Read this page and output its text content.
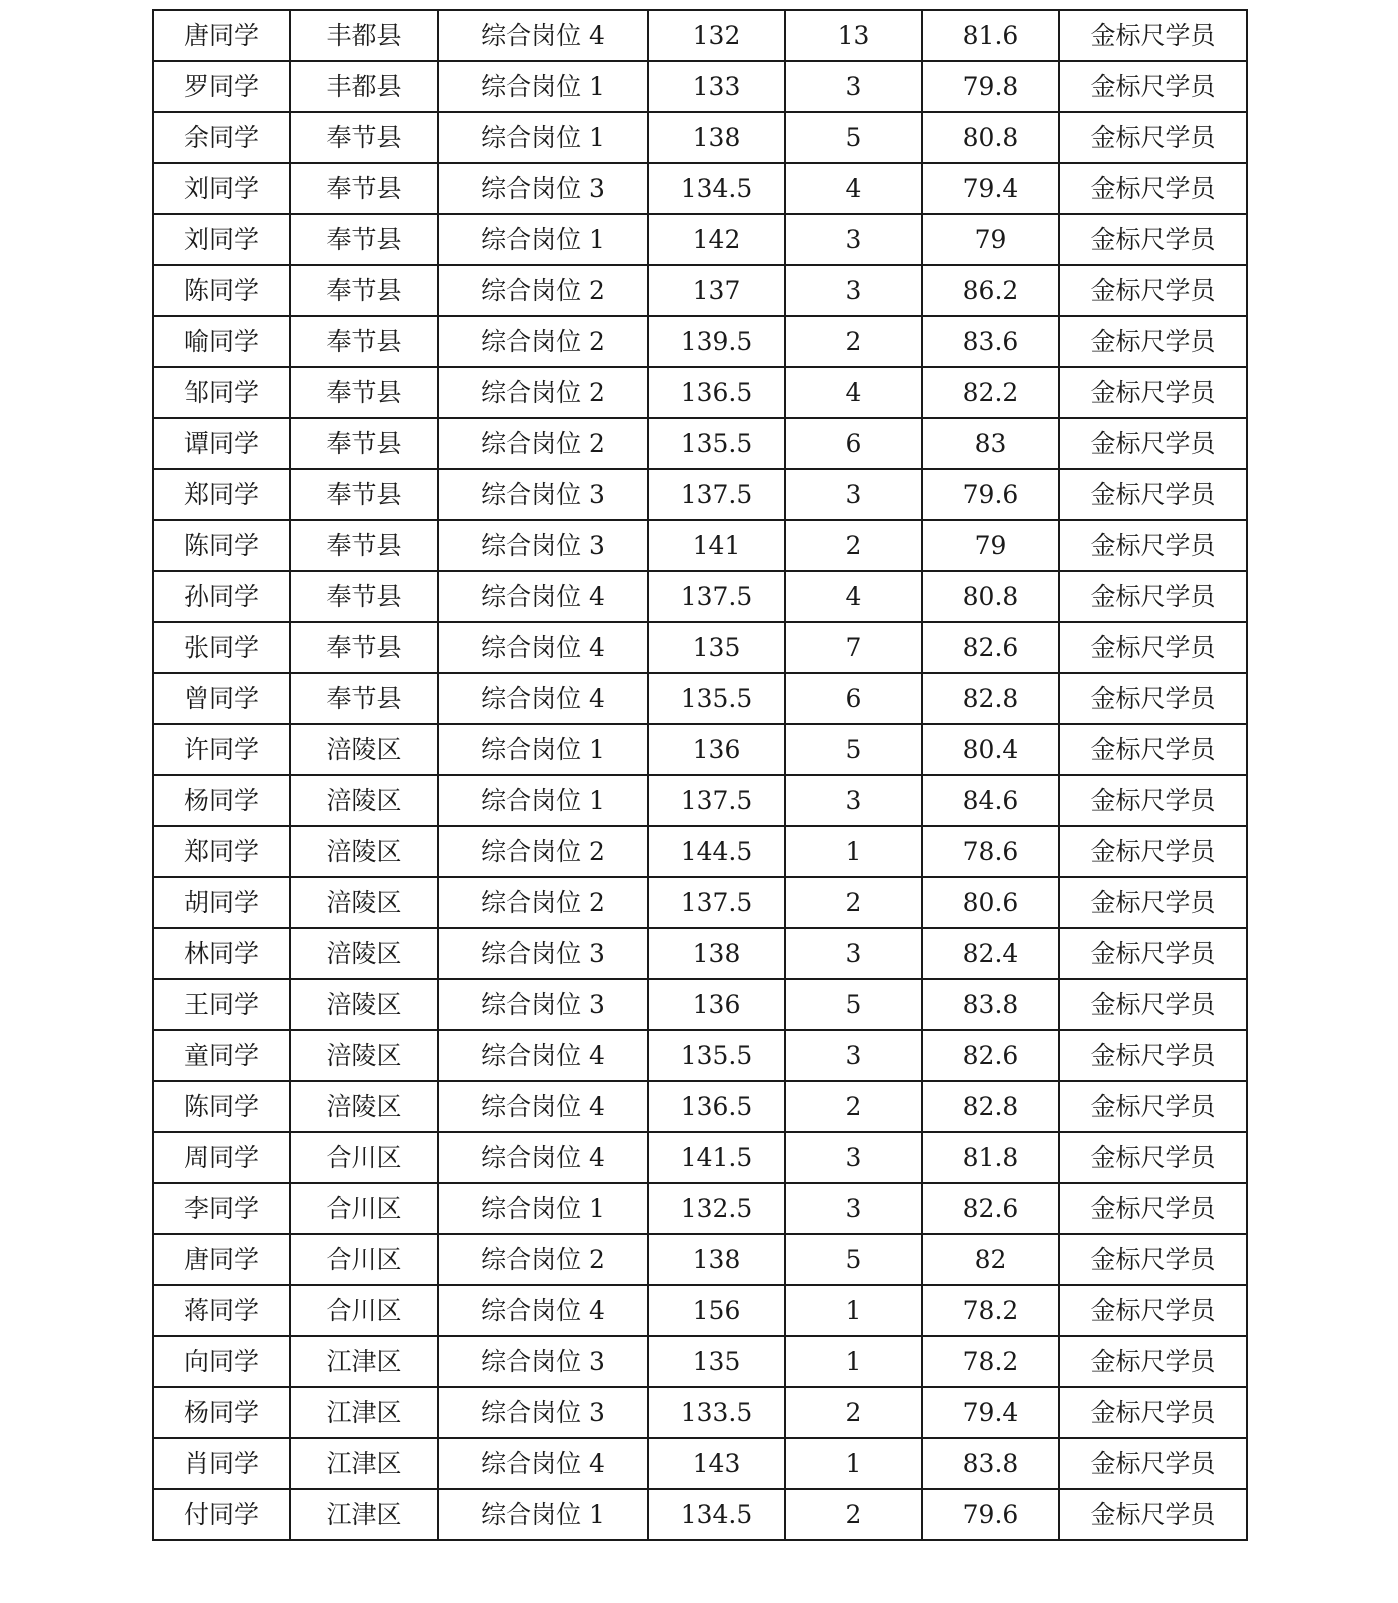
唐同学	丰都县	综合岗位 4	132	13	81.6	金标尺学员
罗同学	丰都县	综合岗位 1	133	3	79.8	金标尺学员
余同学	奉节县	综合岗位 1	138	5	80.8	金标尺学员
刘同学	奉节县	综合岗位 3	134.5	4	79.4	金标尺学员
刘同学	奉节县	综合岗位 1	142	3	79	金标尺学员
陈同学	奉节县	综合岗位 2	137	3	86.2	金标尺学员
喻同学	奉节县	综合岗位 2	139.5	2	83.6	金标尺学员
邹同学	奉节县	综合岗位 2	136.5	4	82.2	金标尺学员
谭同学	奉节县	综合岗位 2	135.5	6	83	金标尺学员
郑同学	奉节县	综合岗位 3	137.5	3	79.6	金标尺学员
陈同学	奉节县	综合岗位 3	141	2	79	金标尺学员
孙同学	奉节县	综合岗位 4	137.5	4	80.8	金标尺学员
张同学	奉节县	综合岗位 4	135	7	82.6	金标尺学员
曾同学	奉节县	综合岗位 4	135.5	6	82.8	金标尺学员
许同学	涪陵区	综合岗位 1	136	5	80.4	金标尺学员
杨同学	涪陵区	综合岗位 1	137.5	3	84.6	金标尺学员
郑同学	涪陵区	综合岗位 2	144.5	1	78.6	金标尺学员
胡同学	涪陵区	综合岗位 2	137.5	2	80.6	金标尺学员
林同学	涪陵区	综合岗位 3	138	3	82.4	金标尺学员
王同学	涪陵区	综合岗位 3	136	5	83.8	金标尺学员
童同学	涪陵区	综合岗位 4	135.5	3	82.6	金标尺学员
陈同学	涪陵区	综合岗位 4	136.5	2	82.8	金标尺学员
周同学	合川区	综合岗位 4	141.5	3	81.8	金标尺学员
李同学	合川区	综合岗位 1	132.5	3	82.6	金标尺学员
唐同学	合川区	综合岗位 2	138	5	82	金标尺学员
蒋同学	合川区	综合岗位 4	156	1	78.2	金标尺学员
向同学	江津区	综合岗位 3	135	1	78.2	金标尺学员
杨同学	江津区	综合岗位 3	133.5	2	79.4	金标尺学员
肖同学	江津区	综合岗位 4	143	1	83.8	金标尺学员
付同学	江津区	综合岗位 1	134.5	2	79.6	金标尺学员
